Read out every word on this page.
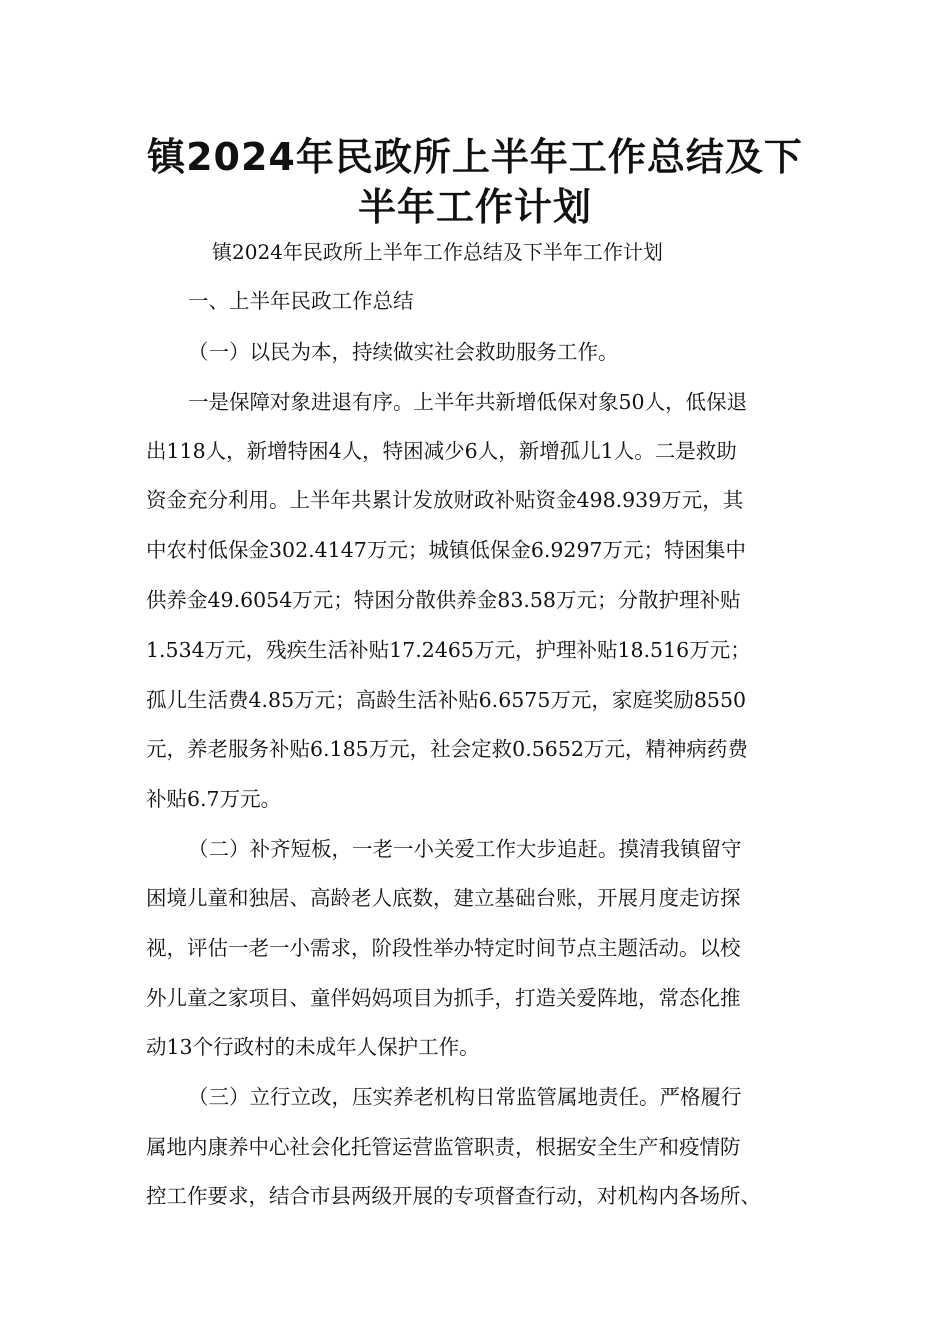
镇2024年民政所上半年工作总结及下
半年工作计划
镇2024年民政所上半年工作总结及下半年工作计划
一、上半年民政工作总结
（一）以民为本，持续做实社会救助服务工作。
一是保障对象进退有序。上半年共新增低保对象50人，低保退
出118人，新增特困4人，特困减少6人，新增孤儿1人。二是救助
资金充分利用。上半年共累计发放财政补贴资金498.939万元，其
中农村低保金302.4147万元；城镇低保金6.9297万元；特困集中
供养金49.6054万元；特困分散供养金83.58万元；分散护理补贴
1.534万元，残疾生活补贴17.2465万元，护理补贴18.516万元；
孤儿生活费4.85万元；高龄生活补贴6.6575万元，家庭奖励8550
元，养老服务补贴6.185万元，社会定救0.5652万元，精神病药费
补贴6.7万元。
（二）补齐短板，一老一小关爱工作大步追赶。摸清我镇留守
困境儿童和独居、高龄老人底数，建立基础台账，开展月度走访探
视，评估一老一小需求，阶段性举办特定时间节点主题活动。以校
外儿童之家项目、童伴妈妈项目为抓手，打造关爱阵地，常态化推
动13个行政村的未成年人保护工作。
（三）立行立改，压实养老机构日常监管属地责任。严格履行
属地内康养中心社会化托管运营监管职责，根据安全生产和疫情防
控工作要求，结合市县两级开展的专项督查行动，对机构内各场所、
